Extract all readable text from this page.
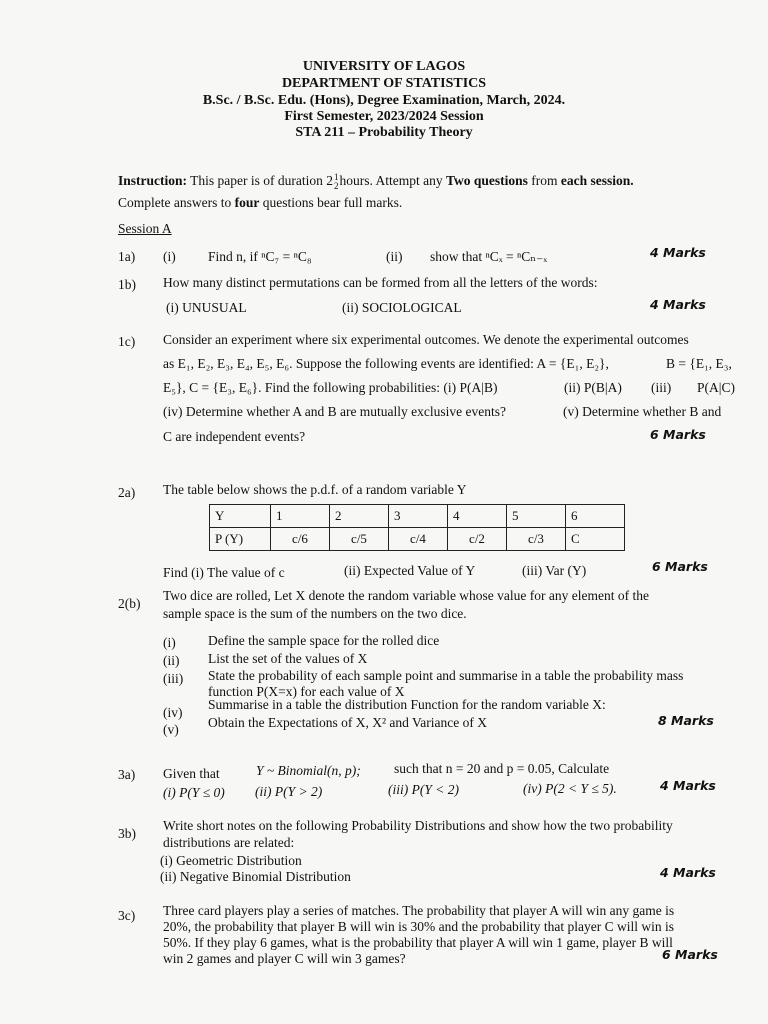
UNIVERSITY OF LAGOS
DEPARTMENT OF STATISTICS
B.Sc. / B.Sc. Edu. (Hons), Degree Examination, March, 2024.
First Semester, 2023/2024 Session
STA 211 – Probability Theory
Instruction: This paper is of duration 2 1
2 hours. Attempt any Two questions from each session.
Complete answers to four questions bear full marks.
Session A
1a) (i) Find n, if ⁿC₇ = ⁿC₈	(ii) show that ⁿCₓ = ⁿCₙ₋ₓ	4 Marks
1b) How many distinct permutations can be formed from all the letters of the words:
(i) UNUSUAL	(ii) SOCIOLOGICAL	4 Marks
1c) Consider an experiment where six experimental outcomes. We denote the experimental outcomes
as E₁, E₂, E₃, E₄, E₅, E₆. Suppose the following events are identified: A = {E₁, E₂},	B = {E₁, E₃,
E₅}, C = {E₃, E₆}. Find the following probabilities: (i) P(A|B)	(ii) P(B|A) (iii) P(A|C)
(iv) Determine whether A and B are mutually exclusive events?	(v) Determine whether B and
C are independent events?	6 Marks
2a) The table below shows the p.d.f. of a random variable Y
Y	1	2	3	4	5	6
P (Y)	c/6	c/5	c/4	c/2	c/3	C
Find (i) The value of c	(ii) Expected Value of Y	(iii) Var (Y)	6 Marks
2(b)
Two dice are rolled, Let X denote the random variable whose value for any element of the
sample space is the sum of the numbers on the two dice.
(i) Define the sample space for the rolled dice
(ii) List the set of the values of X
(iii) State the probability of each sample point and summarise in a table the probability mass
function P(X=x) for each value of X
(iv)
Summarise in a table the distribution Function for the random variable X:
(v) Obtain the Expectations of X, X² and Variance of X	8 Marks
3a) Given that	Y ~ Binomial(n, p); such that n = 20 and p = 0.05, Calculate
(i) P(Y ≤ 0) (ii) P(Y > 2)	(iii) P(Y < 2)	(iv) P(2 < Y ≤ 5).	4 Marks
3b)
Write short notes on the following Probability Distributions and show how the two probability
distributions are related:
(i) Geometric Distribution
(ii) Negative Binomial Distribution	4 Marks
3c) Three card players play a series of matches. The probability that player A will win any game is
20%, the probability that player B will win is 30% and the probability that player C will win is
50%. If they play 6 games, what is the probability that player A will win 1 game, player B will
win 2 games and player C will win 3 games?	6 Marks
